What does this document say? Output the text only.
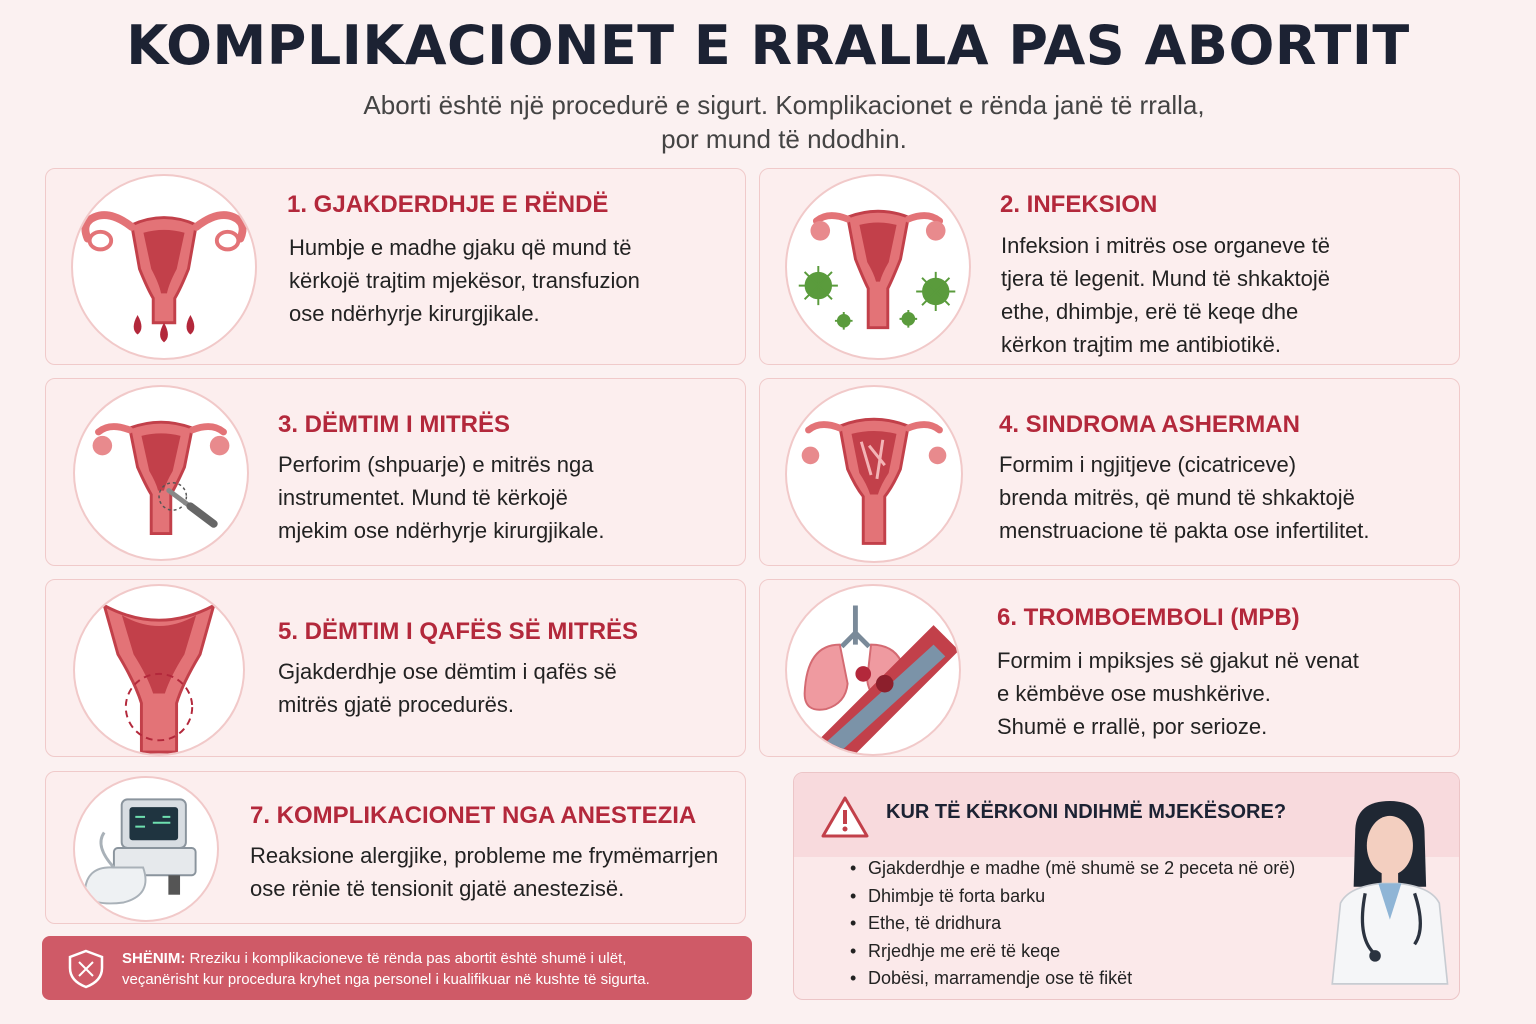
KOMPLIKACIONET E RRALLA PAS ABORTIT
Aborti është një procedurë e sigurt. Komplikacionet e rënda janë të rralla,
por mund të ndodhin.
1. GJAKDERDHJE E RËNDË
Humbje e madhe gjaku që mund të
kërkojë trajtim mjekësor, transfuzion
ose ndërhyrje kirurgjikale.
2. INFEKSION
Infeksion i mitrës ose organeve të
tjera të legenit. Mund të shkaktojë
ethe, dhimbje, erë të keqe dhe
kërkon trajtim me antibiotikë.
3. DËMTIM I MITRËS
Perforim (shpuarje) e mitrës nga
instrumentet. Mund të kërkojë
mjekim ose ndërhyrje kirurgjikale.
4. SINDROMA ASHERMAN
Formim i ngjitjeve (cicatriceve)
brenda mitrës, që mund të shkaktojë
menstruacione të pakta ose infertilitet.
5. DËMTIM I QAFËS SË MITRËS
Gjakderdhje ose dëmtim i qafës së
mitrës gjatë procedurës.
6. TROMBOEMBOLI (MPB)
Formim i mpiksjes së gjakut në venat
e këmbëve ose mushkërive.
Shumë e rrallë, por serioze.
7. KOMPLIKACIONET NGA ANESTEZIA
Reaksione alergjike, probleme me frymëmarrjen
ose rënie të tensionit gjatë anestezisë.
SHËNIM: Rreziku i komplikacioneve të rënda pas abortit është shumë i ulët,
veçanërisht kur procedura kryhet nga personel i kualifikuar në kushte të sigurta.
KUR TË KËRKONI NDIHMË MJEKËSORE?
• Gjakderdhje e madhe (më shumë se 2 peceta në orë)
• Dhimbje të forta barku
• Ethe, të dridhura
• Rrjedhje me erë të keqe
• Dobësi, marramendje ose të fikët
